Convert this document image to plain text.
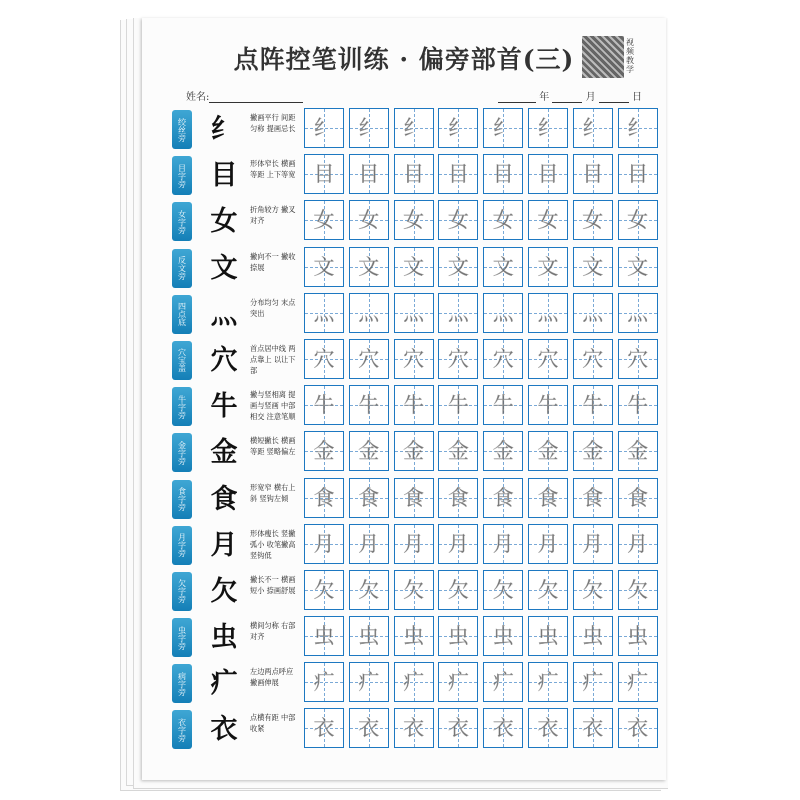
点阵控笔训练 · 偏旁部首(三)
视频教学
姓名:	年	月	日
绞丝旁 纟	撇画平行 间距匀称 提画忌长 纟	纟	纟	纟	纟	纟	纟	纟
目字旁 目	形体窄长 横画等距 上下等宽 目	目	目	目	目	目	目	目
女字旁 女	折角较方 撇叉对齐	女	女	女	女	女	女	女	女
反文旁 文	撇向不一 撇收捺展	文	文	文	文	文	文	文	文
四点底 灬	分布均匀 末点突出	灬	灬	灬	灬	灬	灬	灬	灬
穴宝盖 穴	首点居中线 两点靠上 以让下部	穴	穴	穴	穴	穴	穴	穴	穴
牛字旁 牛	撇与竖相离 提画与竖画 中部相交 注意笔顺 牛	牛	牛	牛	牛	牛	牛	牛
金字旁 金	横短撇长 横画等距 竖略偏左 金	金	金	金	金	金	金	金
食字旁 食	形宽窄 横右上斜 竖钩左倾	食	食	食	食	食	食	食	食
月字旁 月	形体瘦长 竖撇弧小 收笔撇高 竖钩低	月	月	月	月	月	月	月	月
欠字旁 欠	撇长不一 横画短小 捺画舒展 欠	欠	欠	欠	欠	欠	欠	欠
虫字旁 虫	横间匀称 右部对齐	虫	虫	虫	虫	虫	虫	虫	虫
病字旁 疒	左边两点呼应 撇画伸展	疒	疒	疒	疒	疒	疒	疒	疒
衣字旁 衣	点横有距 中部收紧	衣	衣	衣	衣	衣	衣	衣	衣
